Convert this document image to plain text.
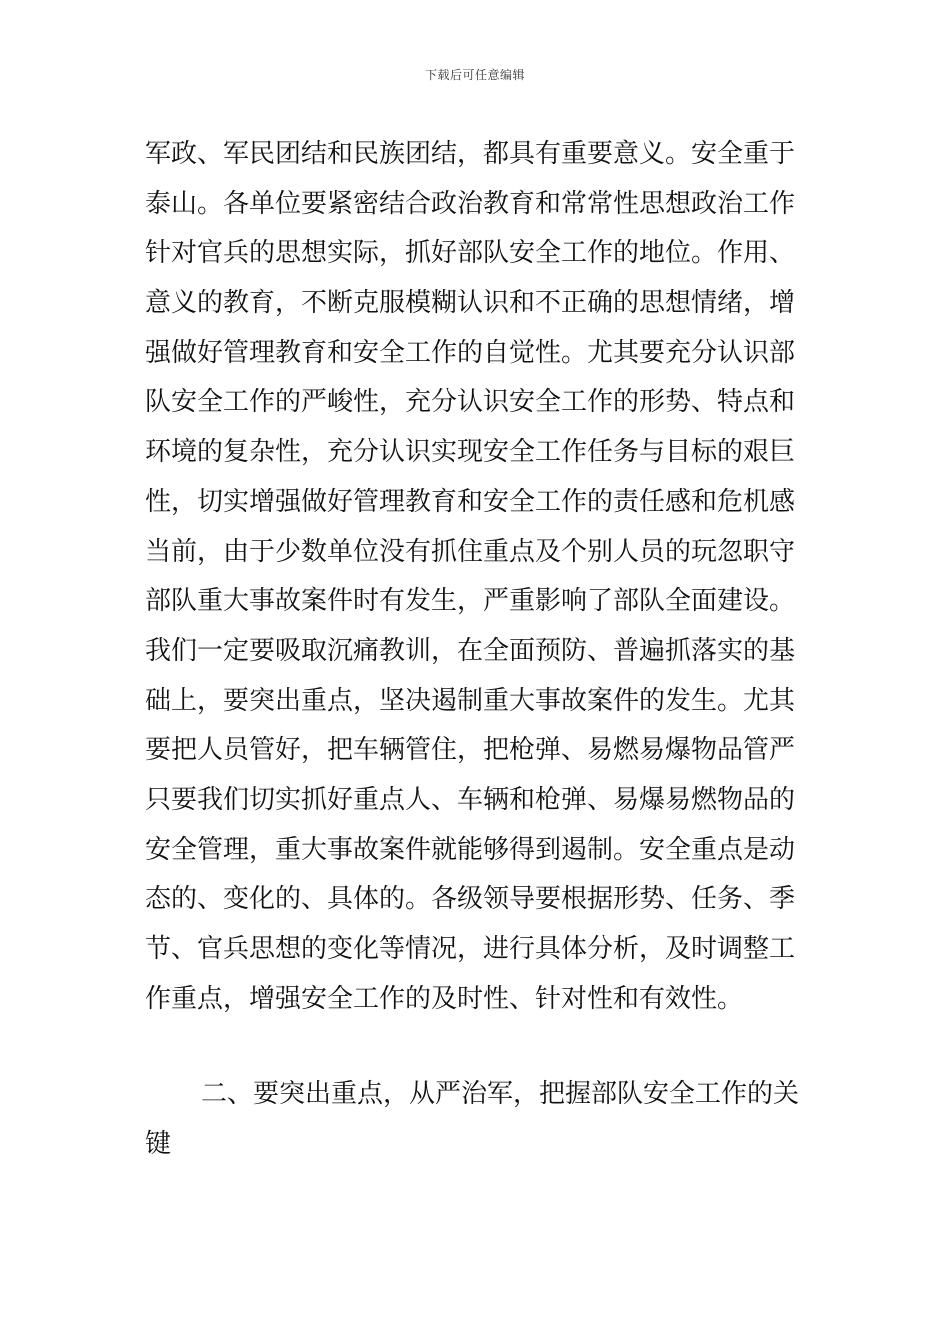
下载后可任意编辑
军政、军民团结和民族团结，都具有重要意义。安全重于
泰山。各单位要紧密结合政治教育和常常性思想政治工作
针对官兵的思想实际，抓好部队安全工作的地位。作用、
意义的教育，不断克服模糊认识和不正确的思想情绪，增
强做好管理教育和安全工作的自觉性。尤其要充分认识部
队安全工作的严峻性，充分认识安全工作的形势、特点和
环境的复杂性，充分认识实现安全工作任务与目标的艰巨
性，切实增强做好管理教育和安全工作的责任感和危机感
当前，由于少数单位没有抓住重点及个别人员的玩忽职守
部队重大事故案件时有发生，严重影响了部队全面建设。
我们一定要吸取沉痛教训，在全面预防、普遍抓落实的基
础上，要突出重点，坚决遏制重大事故案件的发生。尤其
要把人员管好，把车辆管住，把枪弹、易燃易爆物品管严
只要我们切实抓好重点人、车辆和枪弹、易爆易燃物品的
安全管理，重大事故案件就能够得到遏制。安全重点是动
态的、变化的、具体的。各级领导要根据形势、任务、季
节、官兵思想的变化等情况，进行具体分析，及时调整工
作重点，增强安全工作的及时性、针对性和有效性。
二、要突出重点，从严治军，把握部队安全工作的关
键
